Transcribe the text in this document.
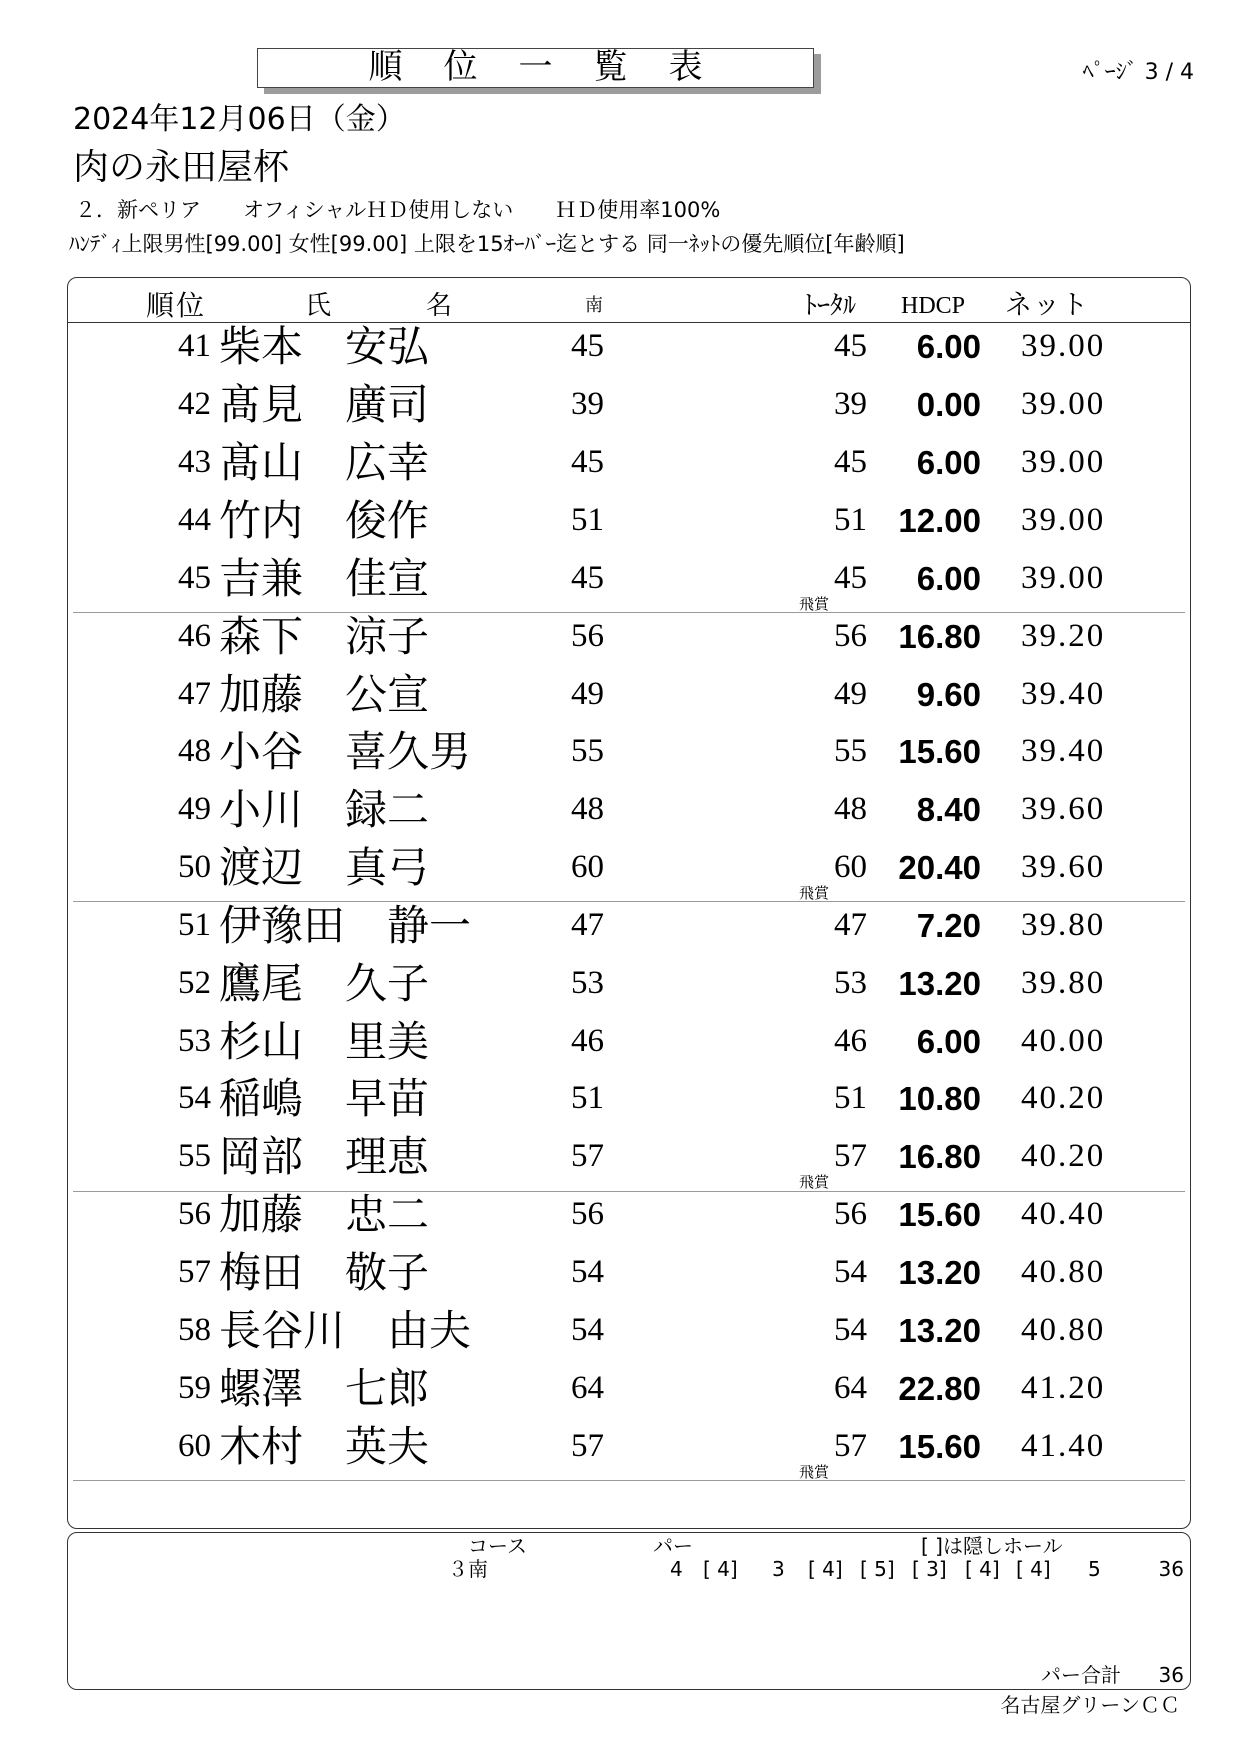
順位一覧表	ﾍﾟｰｼﾞ 3 / 4
2024年12月06日（金）
肉の永田屋杯
２．新ペリア　　オフィシャルＨＤ使用しない　　ＨＤ使用率100%
ﾊﾝﾃﾞｨ上限男性[99.00] 女性[99.00] 上限を15ｵｰﾊﾞｰ迄とする 同一ﾈｯﾄの優先順位[年齢順]
順位	氏	名	南	ﾄｰﾀﾙ HDCP ネット
41 柴本　安弘	45	45	6.00 39.00
42 髙見　廣司	39	39	0.00 39.00
43 髙山　広幸	45	45	6.00 39.00
44 竹内　俊作	51	51 12.00 39.00
45 吉兼　佳宣	45	45	6.00 39.00
飛賞
46 森下　涼子	56	56 16.80 39.20
47 加藤　公宣	49	49	9.60 39.40
48 小谷　喜久男	55	55 15.60 39.40
49 小川　録二	48	48	8.40 39.60
50 渡辺　真弓	60	60 20.40 39.60
飛賞
51 伊豫田　静一	47	47	7.20 39.80
52 鷹尾　久子	53	53 13.20 39.80
53 杉山　里美	46	46	6.00 40.00
54 稲嶋　早苗	51	51 10.80 40.20
55 岡部　理恵	57	57 16.80 40.20
飛賞
56 加藤　忠二	56	56 15.60 40.40
57 梅田　敬子	54	54 13.20 40.80
58 長谷川　由夫	54	54 13.20 40.80
59 螺澤　七郎	64	64 22.80 41.20
60 木村　英夫	57	57 15.60 41.40
飛賞
コース	パー	[ ]は隠しホール
３南	4 [ 4] 3 [ 4] [ 5] [ 3] [ 4] [ 4] 5	36
パー合計 36
名古屋グリーンＣＣ
